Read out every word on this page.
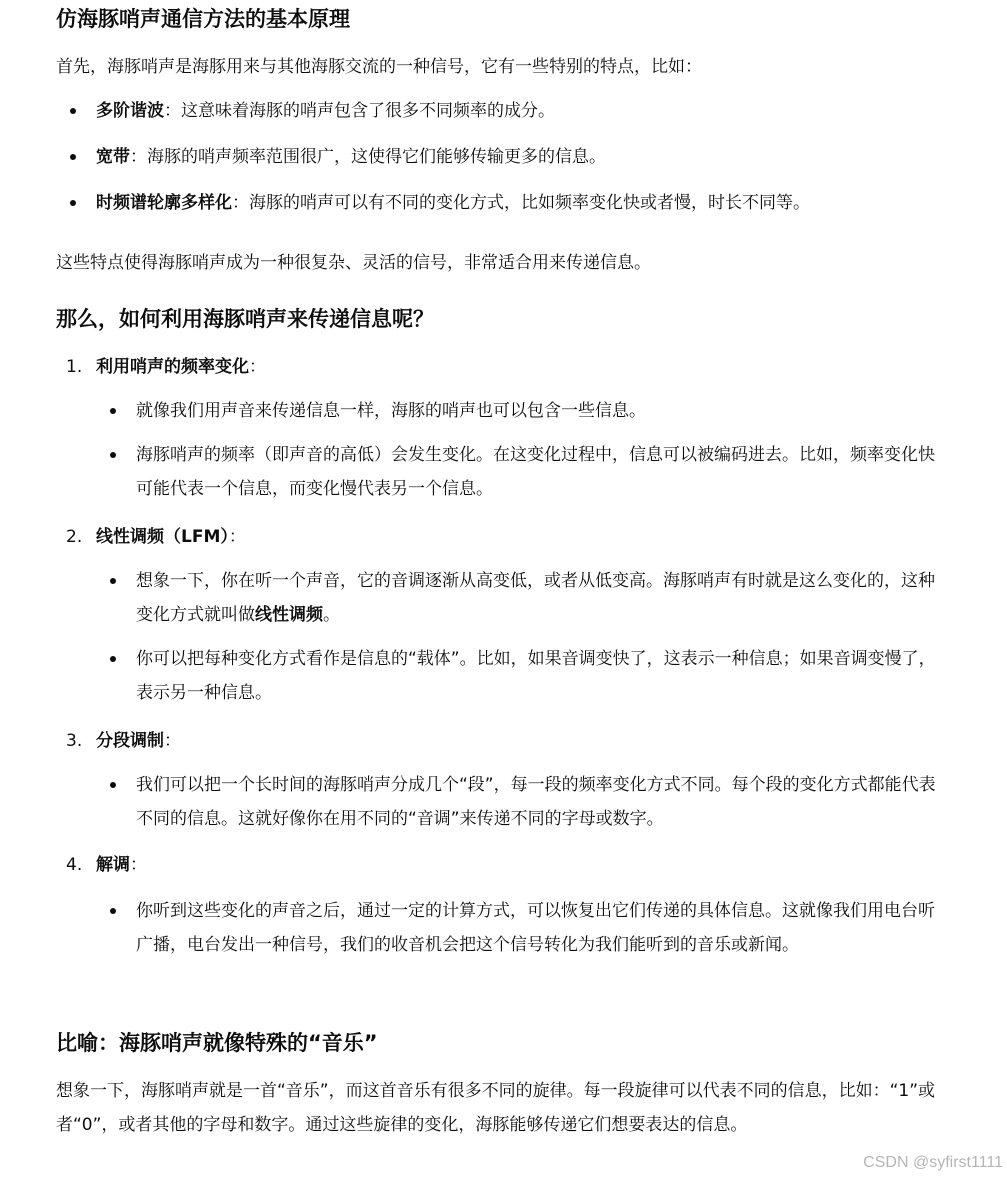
仿海豚哨声通信方法的基本原理

首先，海豚哨声是海豚用来与其他海豚交流的一种信号，它有一些特别的特点，比如：

多阶谐波：这意味着海豚的哨声包含了很多不同频率的成分。
宽带：海豚的哨声频率范围很广，这使得它们能够传输更多的信息。
时频谱轮廓多样化：海豚的哨声可以有不同的变化方式，比如频率变化快或者慢，时长不同等。

这些特点使得海豚哨声成为一种很复杂、灵活的信号，非常适合用来传递信息。

那么，如何利用海豚哨声来传递信息呢？
1. 利用哨声的频率变化：
就像我们用声音来传递信息一样，海豚的哨声也可以包含一些信息。
海豚哨声的频率（即声音的高低）会发生变化。在这变化过程中，信息可以被编码进去。比如，频率变化快可能代表一个信息，而变化慢代表另一个信息。
2. 线性调频（LFM）：
想象一下，你在听一个声音，它的音调逐渐从高变低，或者从低变高。海豚哨声有时就是这么变化的，这种变化方式就叫做线性调频。
你可以把每种变化方式看作是信息的“载体”。比如，如果音调变快了，这表示一种信息；如果音调变慢了，表示另一种信息。
3. 分段调制：
我们可以把一个长时间的海豚哨声分成几个“段”，每一段的频率变化方式不同。每个段的变化方式都能代表不同的信息。这就好像你在用不同的“音调”来传递不同的字母或数字。
4. 解调：
你听到这些变化的声音之后，通过一定的计算方式，可以恢复出它们传递的具体信息。这就像我们用电台听广播，电台发出一种信号，我们的收音机会把这个信号转化为我们能听到的音乐或新闻。
比喻：海豚哨声就像特殊的“音乐”

想象一下，海豚哨声就是一首“音乐”，而这首音乐有很多不同的旋律。每一段旋律可以代表不同的信息，比如：“1”或者“0”，或者其他的字母和数字。通过这些旋律的变化，海豚能够传递它们想要表达的信息。

CSDN @syfirst1111
